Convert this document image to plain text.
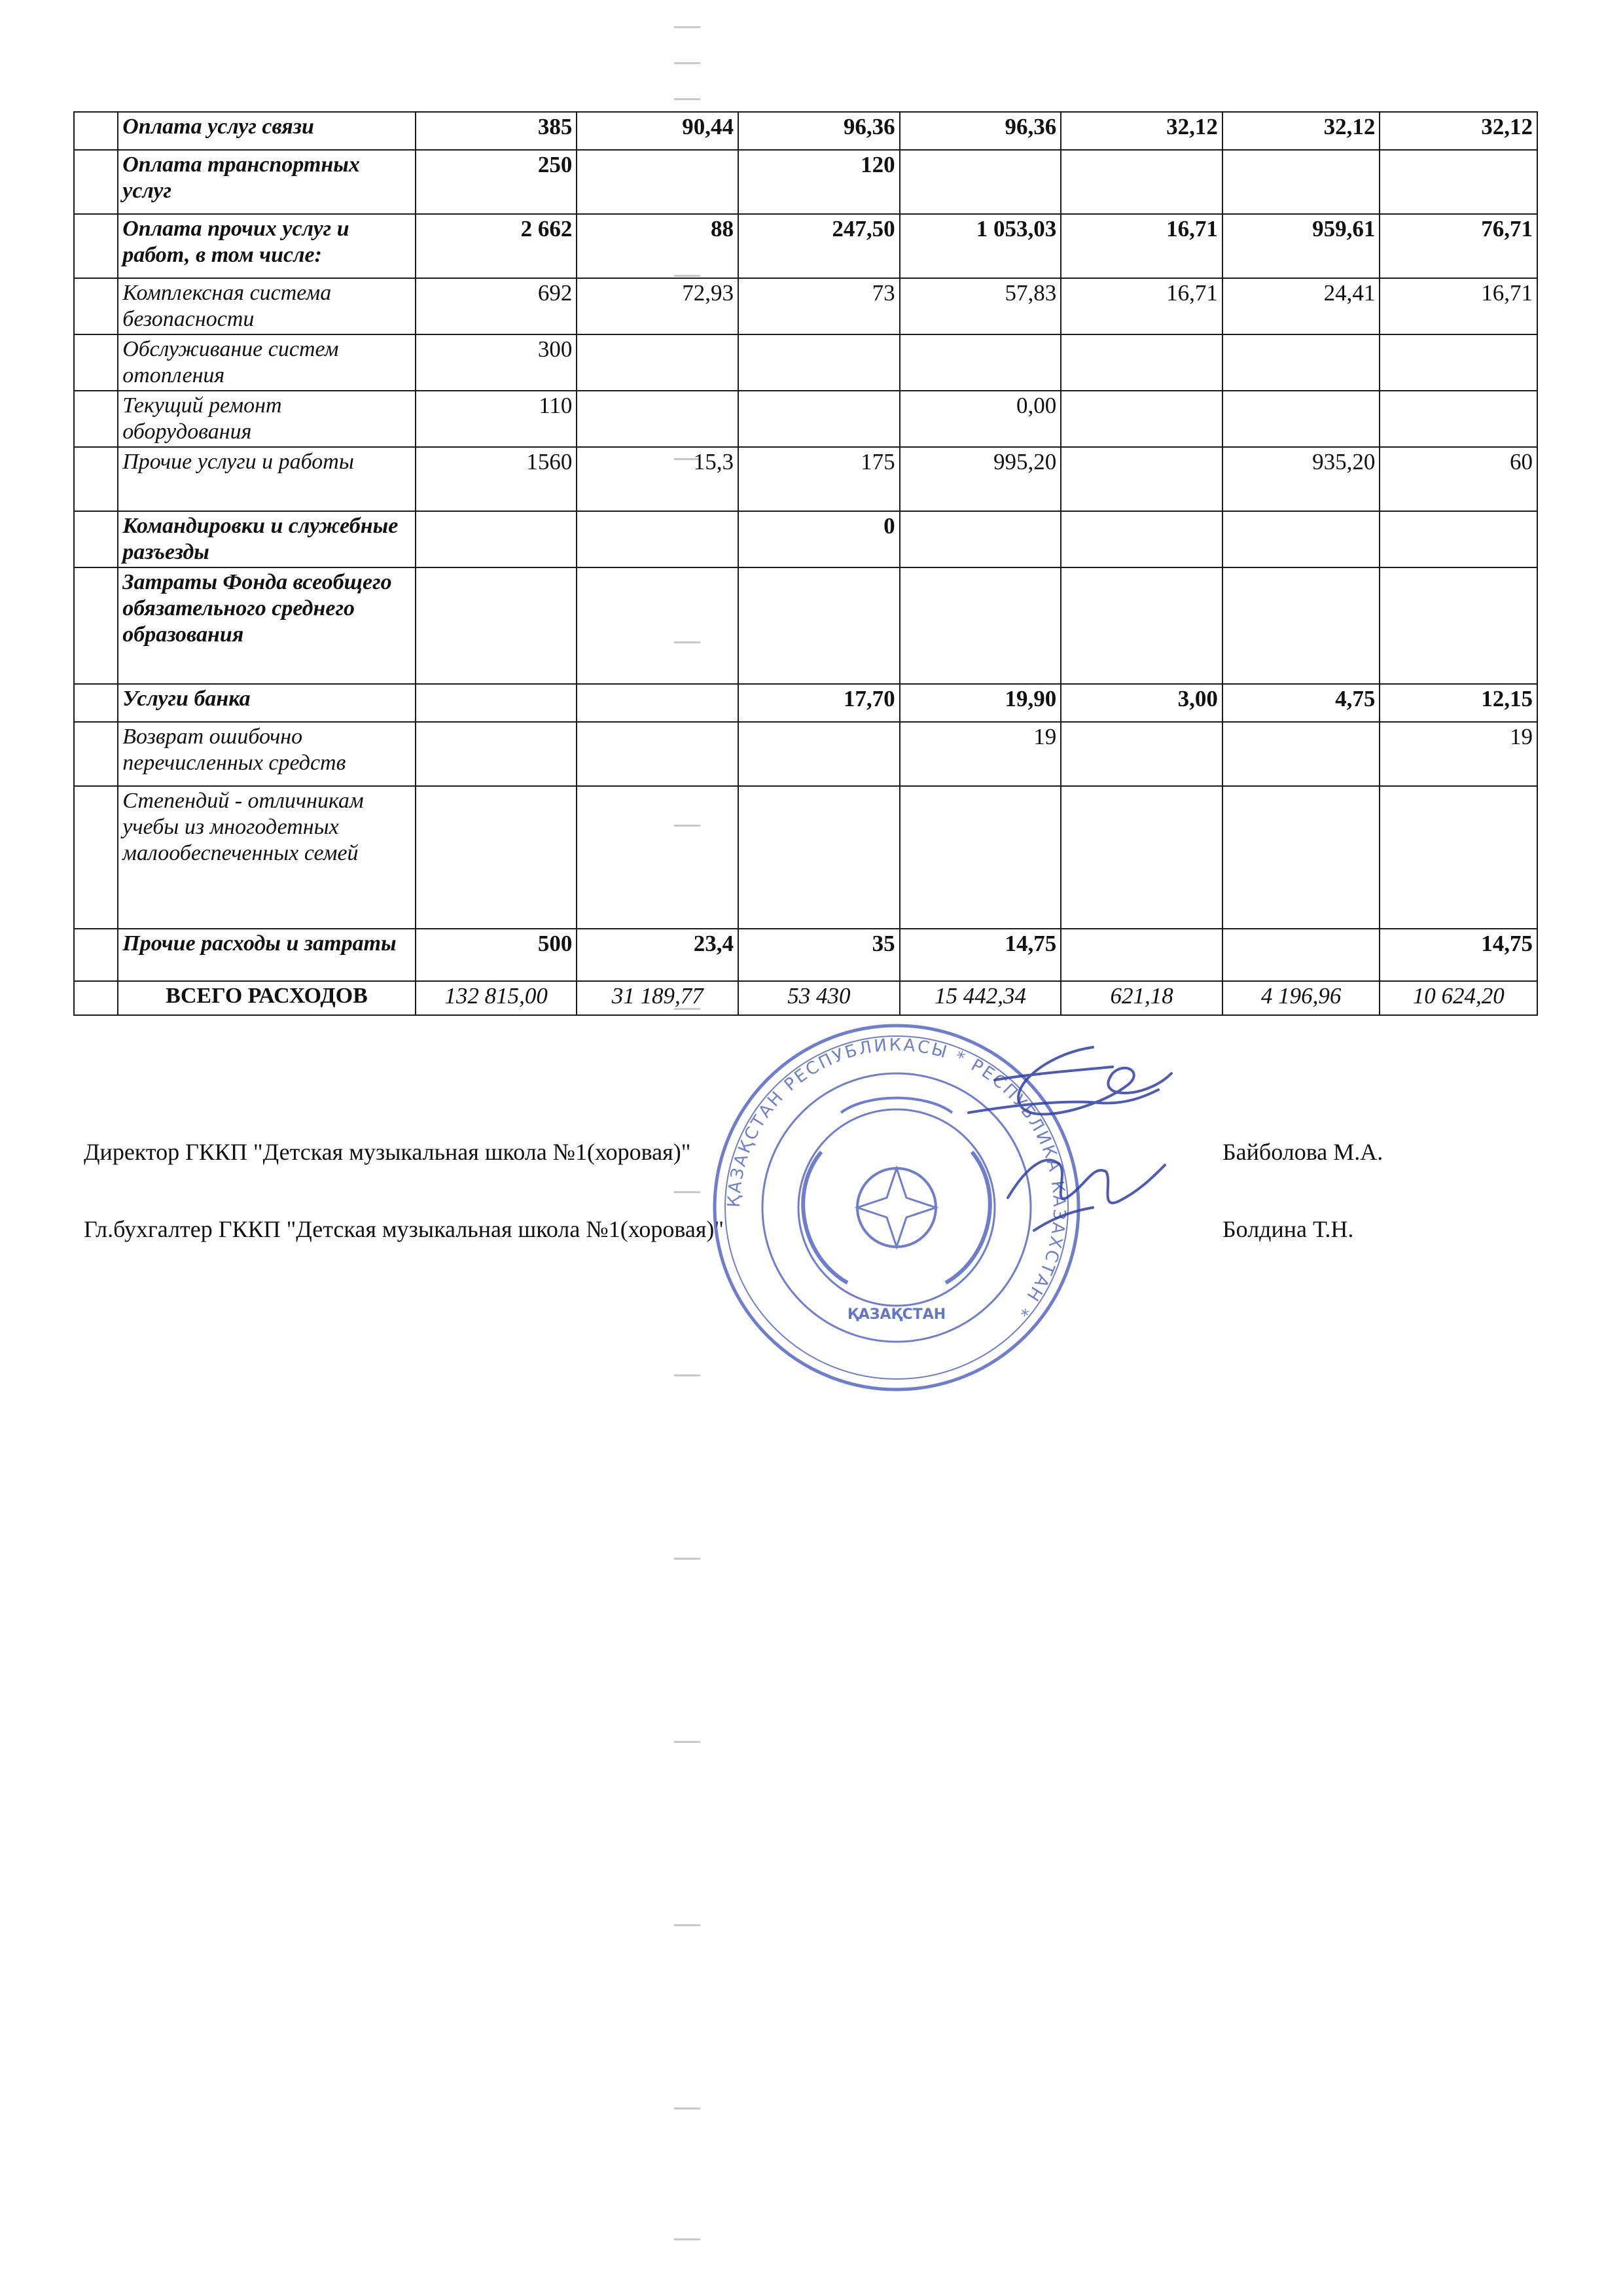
	Оплата услуг связи	385	90,44	96,36	96,36	32,12	32,12	32,12
	Оплата транспортных услуг	250		120				
	Оплата прочих услуг и работ, в том числе:	2 662	88	247,50	1 053,03	16,71	959,61	76,71
	Комплексная система безопасности	692	72,93	73	57,83	16,71	24,41	16,71
	Обслуживание систем отопления	300						
	Текущий ремонт оборудования	110			0,00			
	Прочие услуги и работы	1560	15,3	175	995,20		935,20	60
	Командировки и служебные разъезды			0				
	Затраты Фонда всеобщего обязательного среднего образования							
	Услуги банка			17,70	19,90	3,00	4,75	12,15
	Возврат ошибочно перечисленных средств				19			19
	Степендий - отличникам учебы из многодетных малообеспеченных семей							
	Прочие расходы и затраты	500	23,4	35	14,75			14,75
	ВСЕГО РАСХОДОВ	132 815,00	31 189,77	53 430	15 442,34	621,18	4 196,96	10 624,20
Директор ГККП "Детская музыкальная школа №1(хоровая)"	Байболова М.А.
Гл.бухгалтер ГККП "Детская музыкальная школа №1(хоровая)"	Болдина Т.Н.
ҚАЗАҚСТАН РЕСПУБЛИКАСЫ * РЕСПУБЛИКА КАЗАХСТАН *
ҚАЗАҚСТАН
